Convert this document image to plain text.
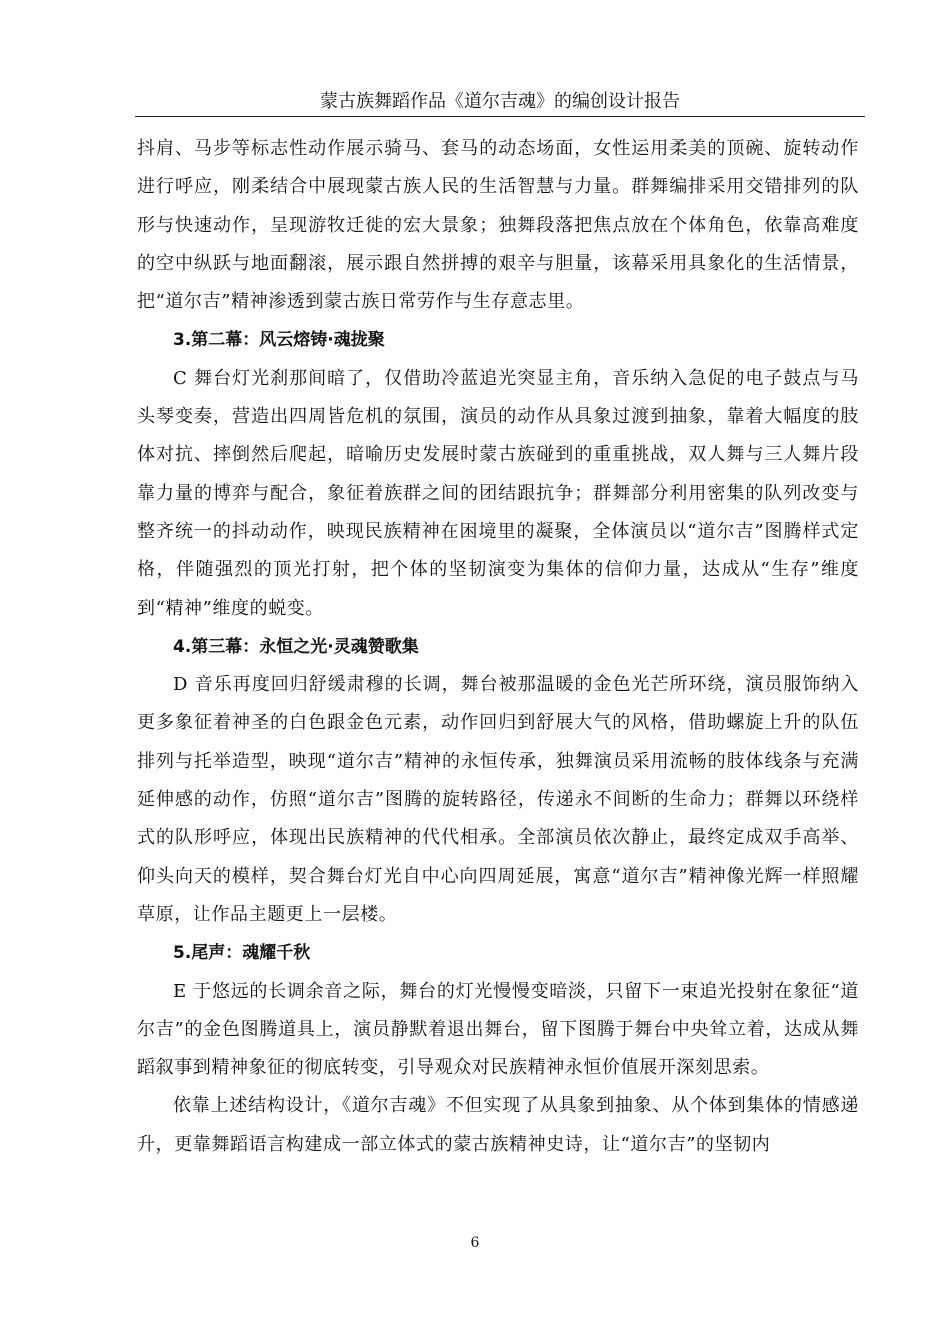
蒙古族舞蹈作品《道尔吉魂》的编创设计报告

抖肩、马步等标志性动作展示骑马、套马的动态场面，女性运用柔美的顶碗、旋转动作进行呼应，刚柔结合中展现蒙古族人民的生活智慧与力量。群舞编排采用交错排列的队形与快速动作，呈现游牧迁徙的宏大景象；独舞段落把焦点放在个体角色，依靠高难度的空中纵跃与地面翻滚，展示跟自然拼搏的艰辛与胆量，该幕采用具象化的生活情景，把“道尔吉”精神渗透到蒙古族日常劳作与生存意志里。

3.第二幕：风云熔铸·魂拢聚

C 舞台灯光刹那间暗了，仅借助冷蓝追光突显主角，音乐纳入急促的电子鼓点与马头琴变奏，营造出四周皆危机的氛围，演员的动作从具象过渡到抽象，靠着大幅度的肢体对抗、摔倒然后爬起，暗喻历史发展时蒙古族碰到的重重挑战，双人舞与三人舞片段靠力量的博弈与配合，象征着族群之间的团结跟抗争；群舞部分利用密集的队列改变与整齐统一的抖动动作，映现民族精神在困境里的凝聚，全体演员以“道尔吉”图腾样式定格，伴随强烈的顶光打射，把个体的坚韧演变为集体的信仰力量，达成从“生存”维度到“精神”维度的蜕变。

4.第三幕：永恒之光·灵魂赞歌集

D 音乐再度回归舒缓肃穆的长调，舞台被那温暖的金色光芒所环绕，演员服饰纳入更多象征着神圣的白色跟金色元素，动作回归到舒展大气的风格，借助螺旋上升的队伍排列与托举造型，映现“道尔吉”精神的永恒传承，独舞演员采用流畅的肢体线条与充满延伸感的动作，仿照“道尔吉”图腾的旋转路径，传递永不间断的生命力；群舞以环绕样式的队形呼应，体现出民族精神的代代相承。全部演员依次静止，最终定成双手高举、仰头向天的模样，契合舞台灯光自中心向四周延展，寓意“道尔吉”精神像光辉一样照耀草原，让作品主题更上一层楼。

5.尾声：魂耀千秋

E 于悠远的长调余音之际，舞台的灯光慢慢变暗淡，只留下一束追光投射在象征“道尔吉”的金色图腾道具上，演员静默着退出舞台，留下图腾于舞台中央耸立着，达成从舞蹈叙事到精神象征的彻底转变，引导观众对民族精神永恒价值展开深刻思索。

依靠上述结构设计，《道尔吉魂》不但实现了从具象到抽象、从个体到集体的情感递升，更靠舞蹈语言构建成一部立体式的蒙古族精神史诗，让“道尔吉”的坚韧内

6
